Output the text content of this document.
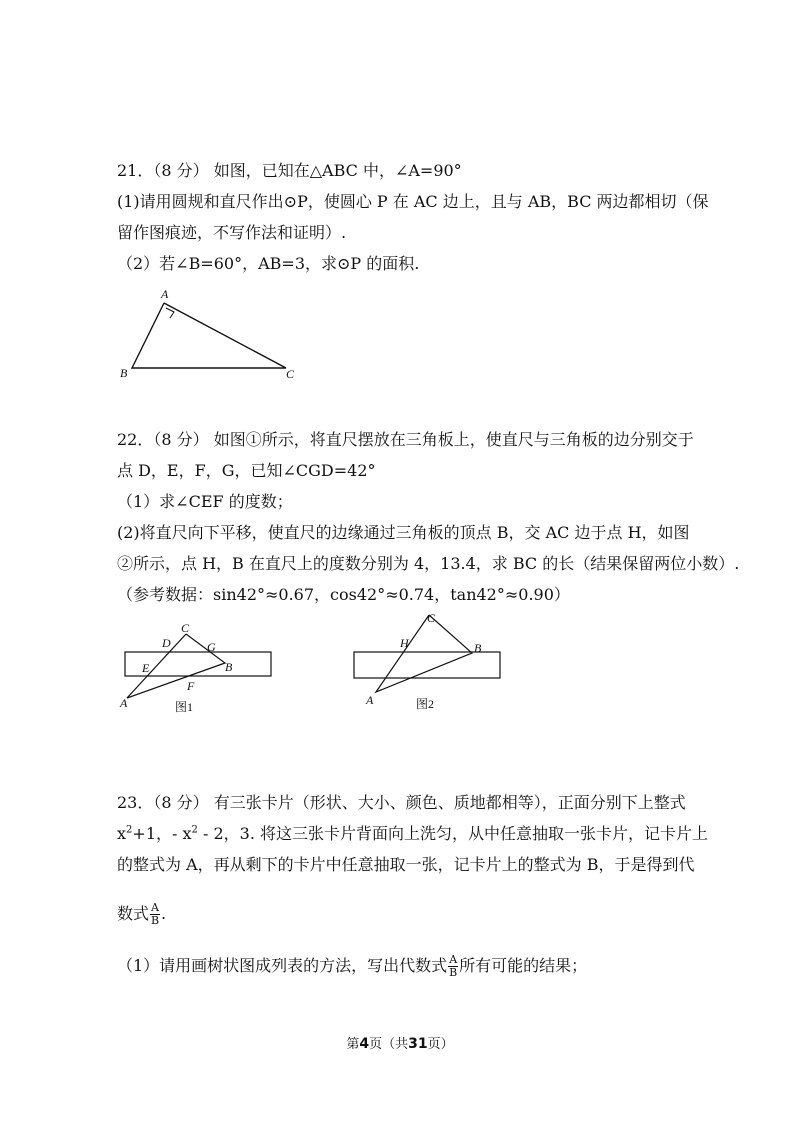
21．（8 分） 如图，已知在△ABC 中，∠A=90°
(1)请用圆规和直尺作出⊙P，使圆心 P 在 AC 边上，且与 AB，BC 两边都相切（保
留作图痕迹，不写作法和证明）.
（2）若∠B=60°，AB=3，求⊙P 的面积.
A
B	C
22．（8 分） 如图①所示，将直尺摆放在三角板上，使直尺与三角板的边分别交于
点 D，E，F，G，已知∠CGD=42°
（1）求∠CEF 的度数；
(2)将直尺向下平移，使直尺的边缘通过三角板的顶点 B，交 AC 边于点 H，如图
②所示，点 H，B 在直尺上的度数分别为 4，13.4，求 BC 的长（结果保留两位小数）.
（参考数据：sin42°≈0.67，cos42°≈0.74，tan42°≈0.90）
C
D	G
E	B
F
A	图1
C
H	B
A	图2
23．（8 分） 有三张卡片（形状、大小、颜色、质地都相等），正面分别下上整式
$x^2+1$，- $x^2 - 2$，3. 将这三张卡片背面向上洗匀，从中任意抽取一张卡片，记卡片上
的整式为 A，再从剩下的卡片中任意抽取一张，记卡片上的整式为 B，于是得到代
数式 $\frac{A}{B}$ .
（1）请用画树状图成列表的方法，写出代数式 $\frac{A}{B}$ 所有可能的结果；
第4页（共31页）
